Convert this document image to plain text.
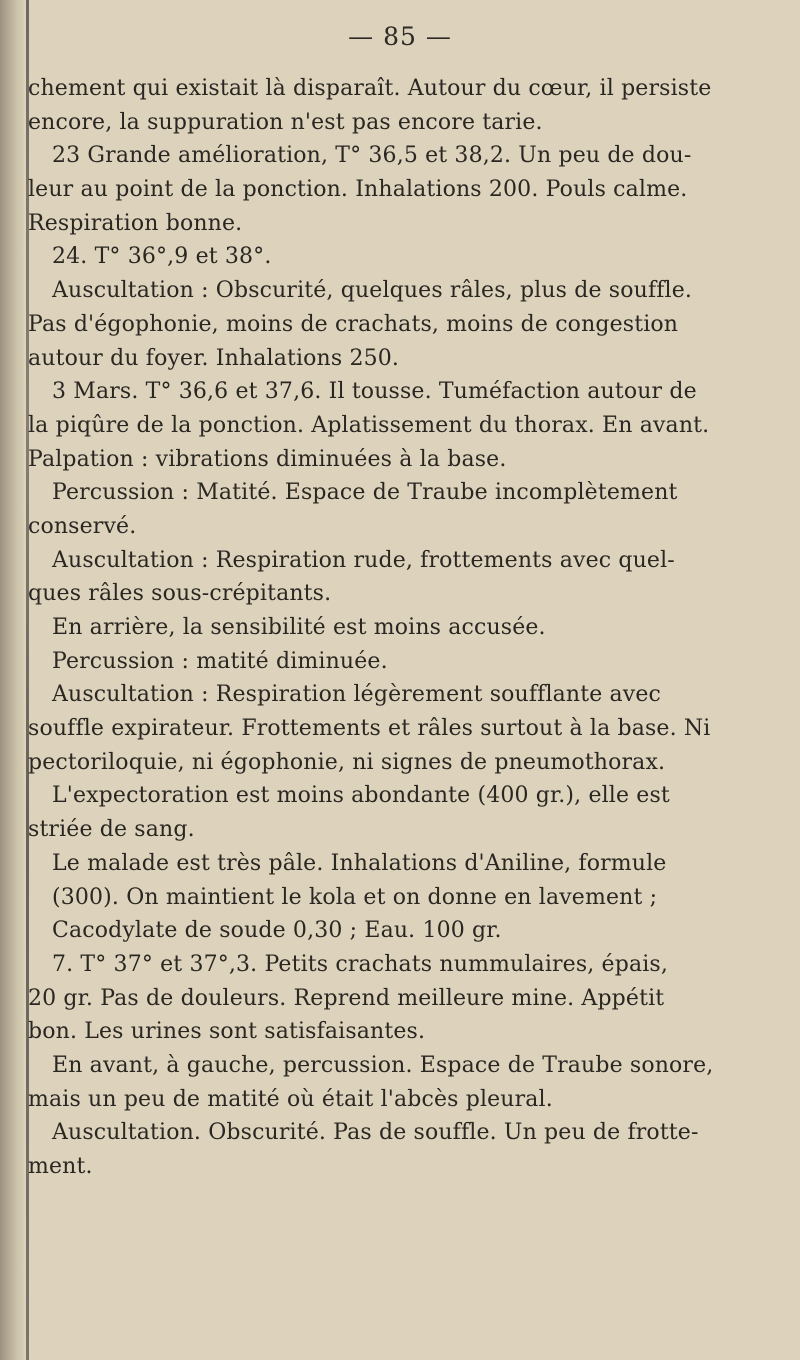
— 85 —
chement qui existait là disparaît. Autour du cœur, il persiste
encore, la suppuration n'est pas encore tarie.
23 Grande amélioration, T° 36,5 et 38,2. Un peu de dou-
leur au point de la ponction. Inhalations 200. Pouls calme.
Respiration bonne.
24. T° 36°,9 et 38°.
Auscultation : Obscurité, quelques râles, plus de souffle.
Pas d'égophonie, moins de crachats, moins de congestion
autour du foyer. Inhalations 250.
3 Mars. T° 36,6 et 37,6. Il tousse. Tuméfaction autour de
la piqûre de la ponction. Aplatissement du thorax. En avant.
Palpation : vibrations diminuées à la base.
Percussion : Matité. Espace de Traube incomplètement
conservé.
Auscultation : Respiration rude, frottements avec quel-
ques râles sous-crépitants.
En arrière, la sensibilité est moins accusée.
Percussion : matité diminuée.
Auscultation : Respiration légèrement soufflante avec
souffle expirateur. Frottements et râles surtout à la base. Ni
pectoriloquie, ni égophonie, ni signes de pneumothorax.
L'expectoration est moins abondante (400 gr.), elle est
striée de sang.
Le malade est très pâle. Inhalations d'Aniline, formule
(300). On maintient le kola et on donne en lavement ;
Cacodylate de soude 0,30 ; Eau. 100 gr.
7. T° 37° et 37°,3. Petits crachats nummulaires, épais,
20 gr. Pas de douleurs. Reprend meilleure mine. Appétit
bon. Les urines sont satisfaisantes.
En avant, à gauche, percussion. Espace de Traube sonore,
mais un peu de matité où était l'abcès pleural.
Auscultation. Obscurité. Pas de souffle. Un peu de frotte-
ment.
